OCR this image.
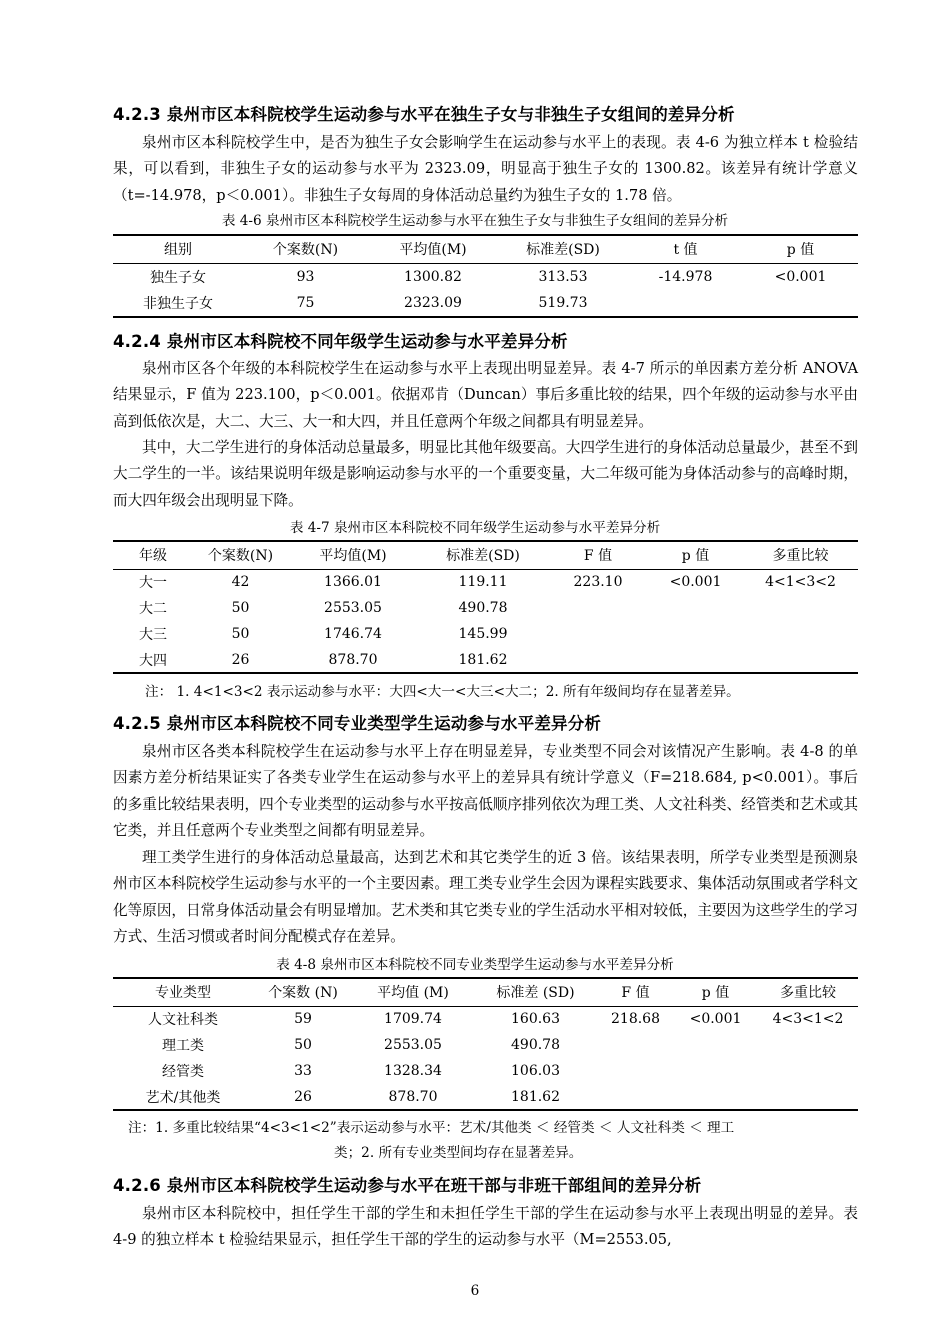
4.2.3 泉州市区本科院校学生运动参与水平在独生子女与非独生子女组间的差异分析

泉州市区本科院校学生中，是否为独生子女会影响学生在运动参与水平上的表现。表 4-6 为独立样本 t 检验结果，可以看到，非独生子女的运动参与水平为 2323.09，明显高于独生子女的 1300.82。该差异有统计学意义（t=-14.978，p＜0.001）。非独生子女每周的身体活动总量约为独生子女的 1.78 倍。

表 4-6 泉州市区本科院校学生运动参与水平在独生子女与非独生子女组间的差异分析
组别	个案数(N)	平均值(M)	标准差(SD)	t 值	p 值
独生子女	93	1300.82	313.53	-14.978	<0.001
非独生子女	75	2323.09	519.73		
4.2.4 泉州市区本科院校不同年级学生运动参与水平差异分析

泉州市区各个年级的本科院校学生在运动参与水平上表现出明显差异。表 4-7 所示的单因素方差分析 ANOVA 结果显示，F 值为 223.100，p＜0.001。依据邓肯（Duncan）事后多重比较的结果，四个年级的运动参与水平由高到低依次是，大二、大三、大一和大四，并且任意两个年级之间都具有明显差异。

其中，大二学生进行的身体活动总量最多，明显比其他年级要高。大四学生进行的身体活动总量最少，甚至不到大二学生的一半。该结果说明年级是影响运动参与水平的一个重要变量，大二年级可能为身体活动参与的高峰时期，而大四年级会出现明显下降。

表 4-7 泉州市区本科院校不同年级学生运动参与水平差异分析
年级	个案数(N)	平均值(M)	标准差(SD)	F 值	p 值	多重比较
大一	42	1366.01	119.11	223.10	<0.001	4<1<3<2
大二	50	2553.05	490.78			
大三	50	1746.74	145.99			
大四	26	878.70	181.62			
注： 1. 4<1<3<2 表示运动参与水平：大四<大一<大三<大二；2. 所有年级间均存在显著差异。
4.2.5 泉州市区本科院校不同专业类型学生运动参与水平差异分析

泉州市区各类本科院校学生在运动参与水平上存在明显差异，专业类型不同会对该情况产生影响。表 4-8 的单因素方差分析结果证实了各类专业学生在运动参与水平上的差异具有统计学意义（F=218.684, p<0.001）。事后的多重比较结果表明，四个专业类型的运动参与水平按高低顺序排列依次为理工类、人文社科类、经管类和艺术或其它类，并且任意两个专业类型之间都有明显差异。

理工类学生进行的身体活动总量最高，达到艺术和其它类学生的近 3 倍。该结果表明，所学专业类型是预测泉州市区本科院校学生运动参与水平的一个主要因素。理工类专业学生会因为课程实践要求、集体活动氛围或者学科文化等原因，日常身体活动量会有明显增加。艺术类和其它类专业的学生活动水平相对较低，主要因为这些学生的学习方式、生活习惯或者时间分配模式存在差异。

表 4-8 泉州市区本科院校不同专业类型学生运动参与水平差异分析
专业类型	个案数 (N)	平均值 (M)	标准差 (SD)	F 值	p 值	多重比较
人文社科类	59	1709.74	160.63	218.68	<0.001	4<3<1<2
理工类	50	2553.05	490.78			
经管类	33	1328.34	106.03			
艺术/其他类	26	878.70	181.62			
注：1. 多重比较结果“4<3<1<2”表示运动参与水平：艺术/其他类 ＜ 经管类 ＜ 人文社科类 ＜ 理工
类；2. 所有专业类型间均存在显著差异。
4.2.6 泉州市区本科院校学生运动参与水平在班干部与非班干部组间的差异分析

泉州市区本科院校中，担任学生干部的学生和未担任学生干部的学生在运动参与水平上表现出明显的差异。表 4-9 的独立样本 t 检验结果显示，担任学生干部的学生的运动参与水平（M=2553.05,

6
